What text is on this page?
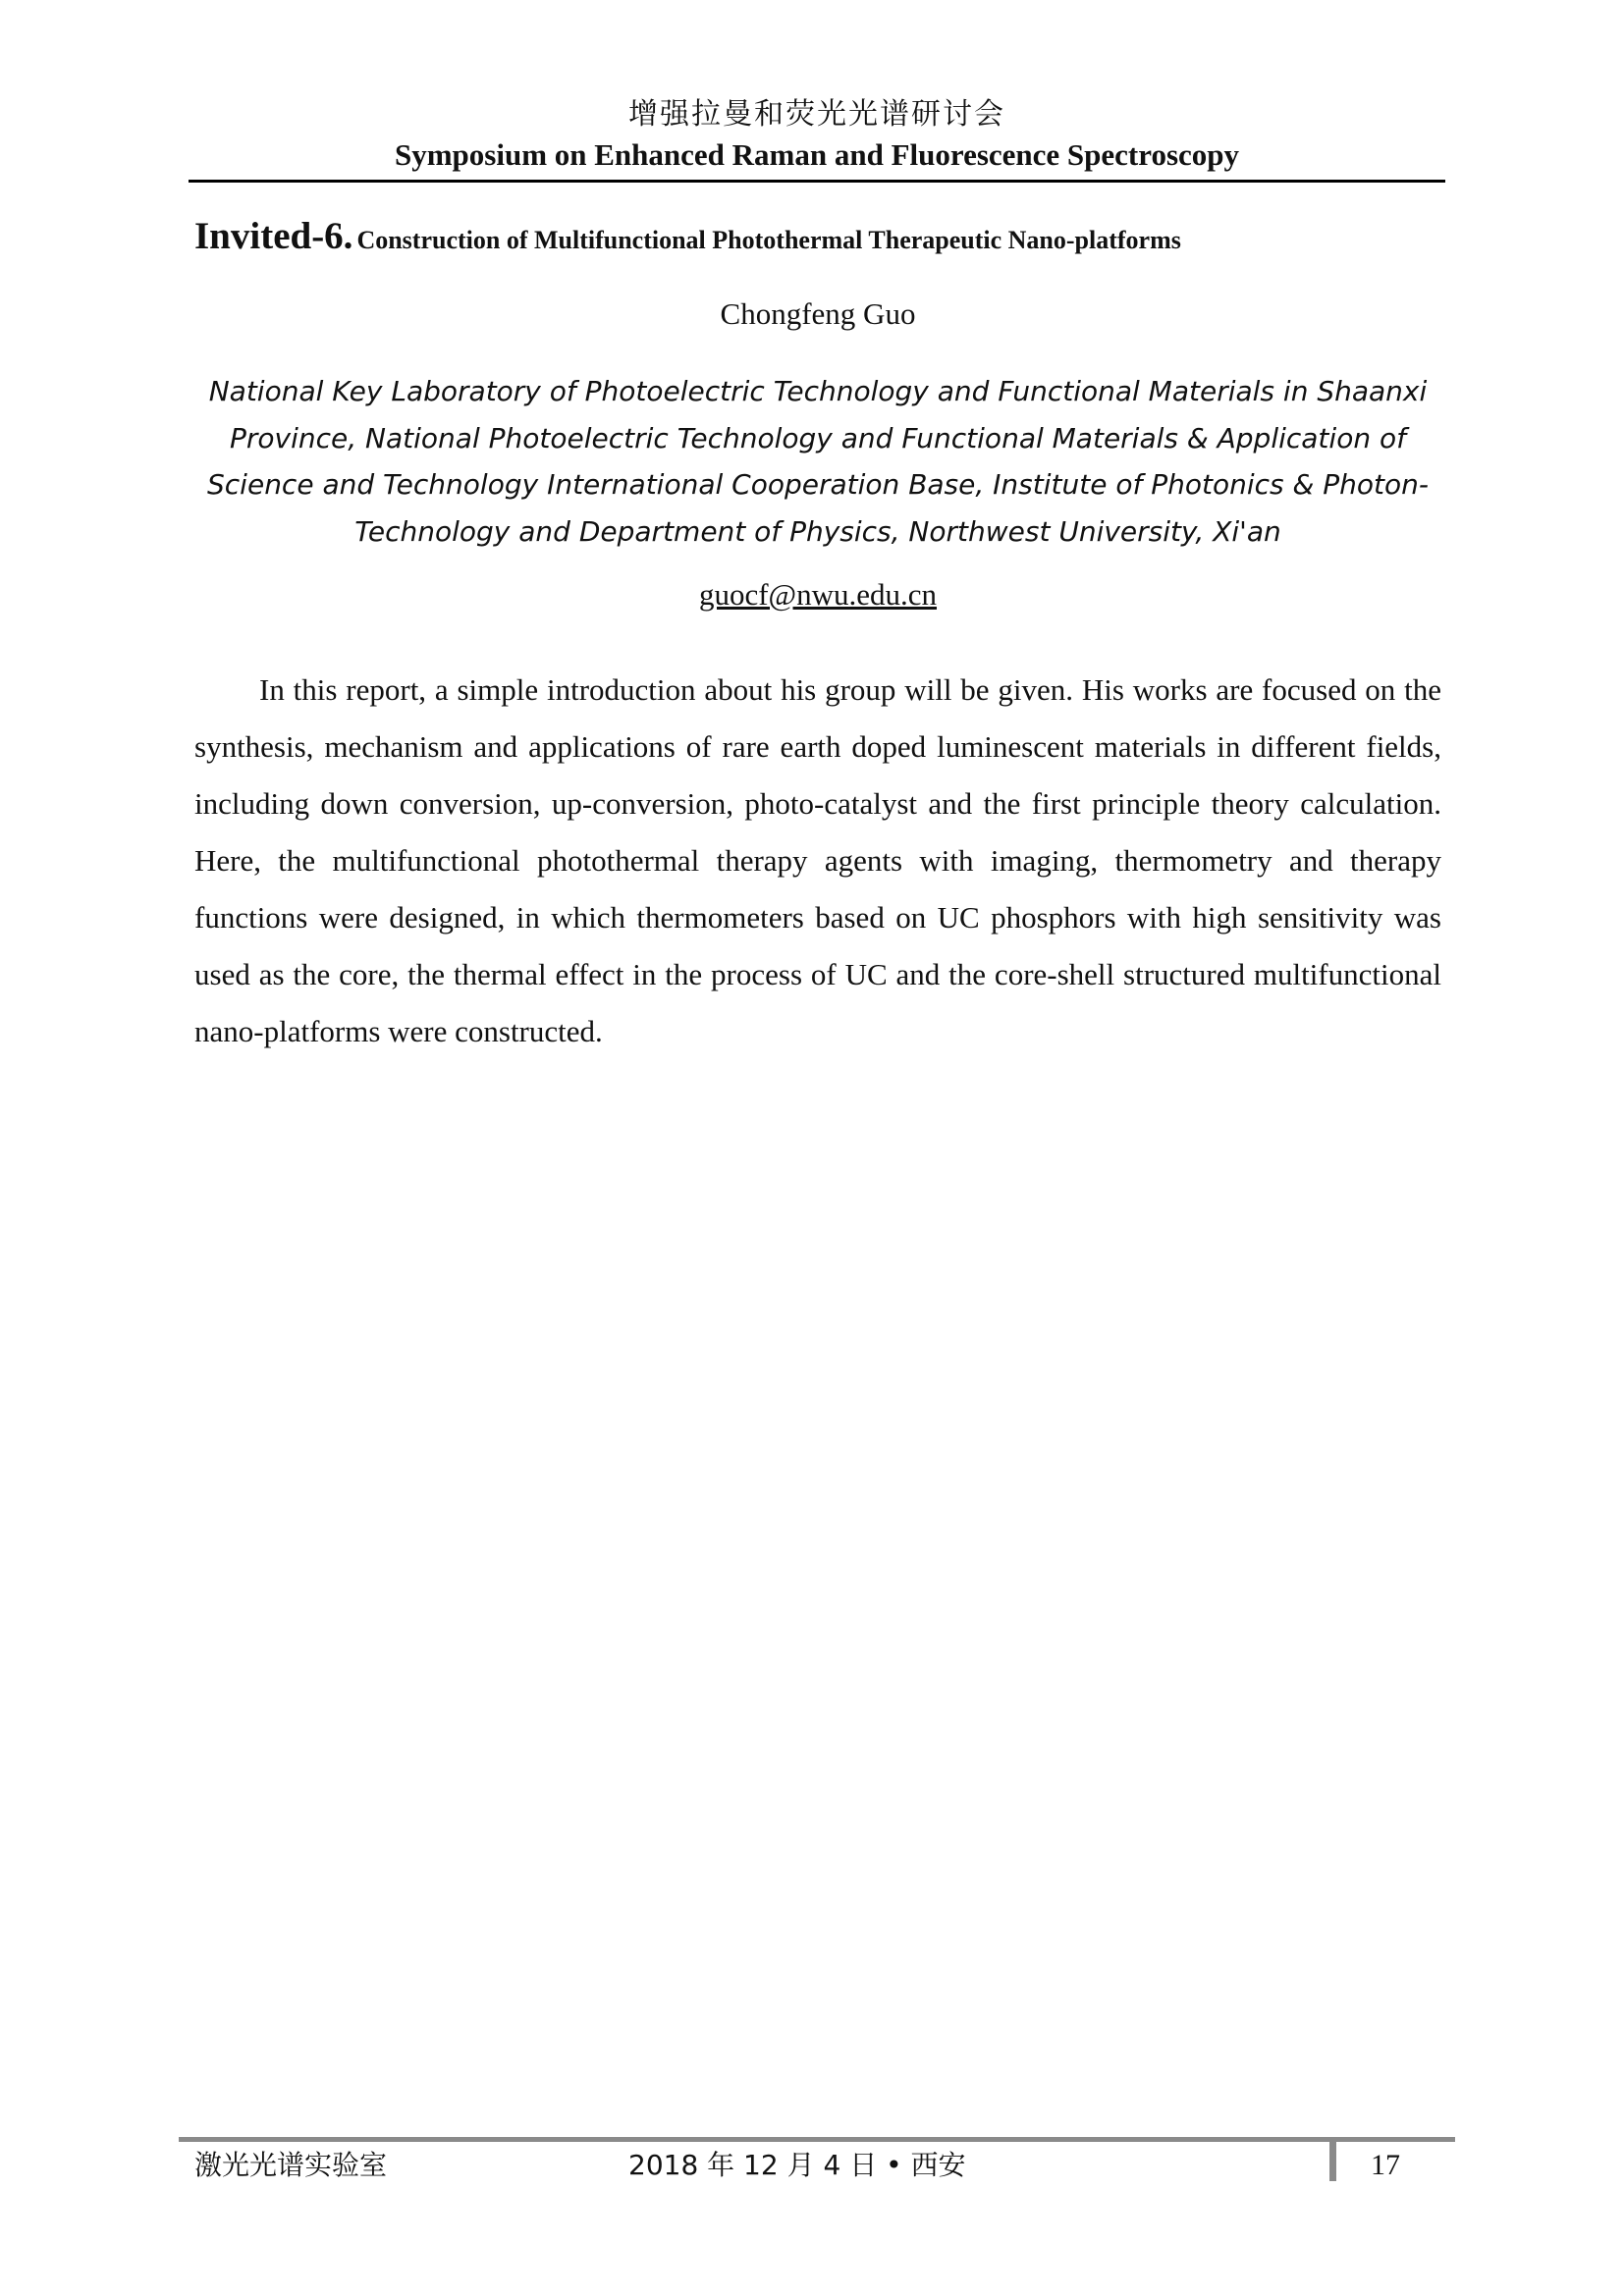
增强拉曼和荧光光谱研讨会
Symposium on Enhanced Raman and Fluorescence Spectroscopy
Invited-6. Construction of Multifunctional Photothermal Therapeutic Nano-platforms
Chongfeng Guo
National Key Laboratory of Photoelectric Technology and Functional Materials in Shaanxi
Province, National Photoelectric Technology and Functional Materials & Application of
Science and Technology International Cooperation Base, Institute of Photonics & Photon-
Technology and Department of Physics, Northwest University, Xi'an
guocf@nwu.edu.cn

In this report, a simple introduction about his group will be given. His works are focused on the synthesis, mechanism and applications of rare earth doped luminescent materials in different fields, including down conversion, up-conversion, photo-catalyst and the first principle theory calculation. Here, the multifunctional photothermal therapy agents with imaging, thermometry and therapy functions were designed, in which thermometers based on UC phosphors with high sensitivity was used as the core, the thermal effect in the process of UC and the core-shell structured multifunctional nano-platforms were constructed.

激光光谱实验室	2018 年 12 月 4 日 • 西安	17
